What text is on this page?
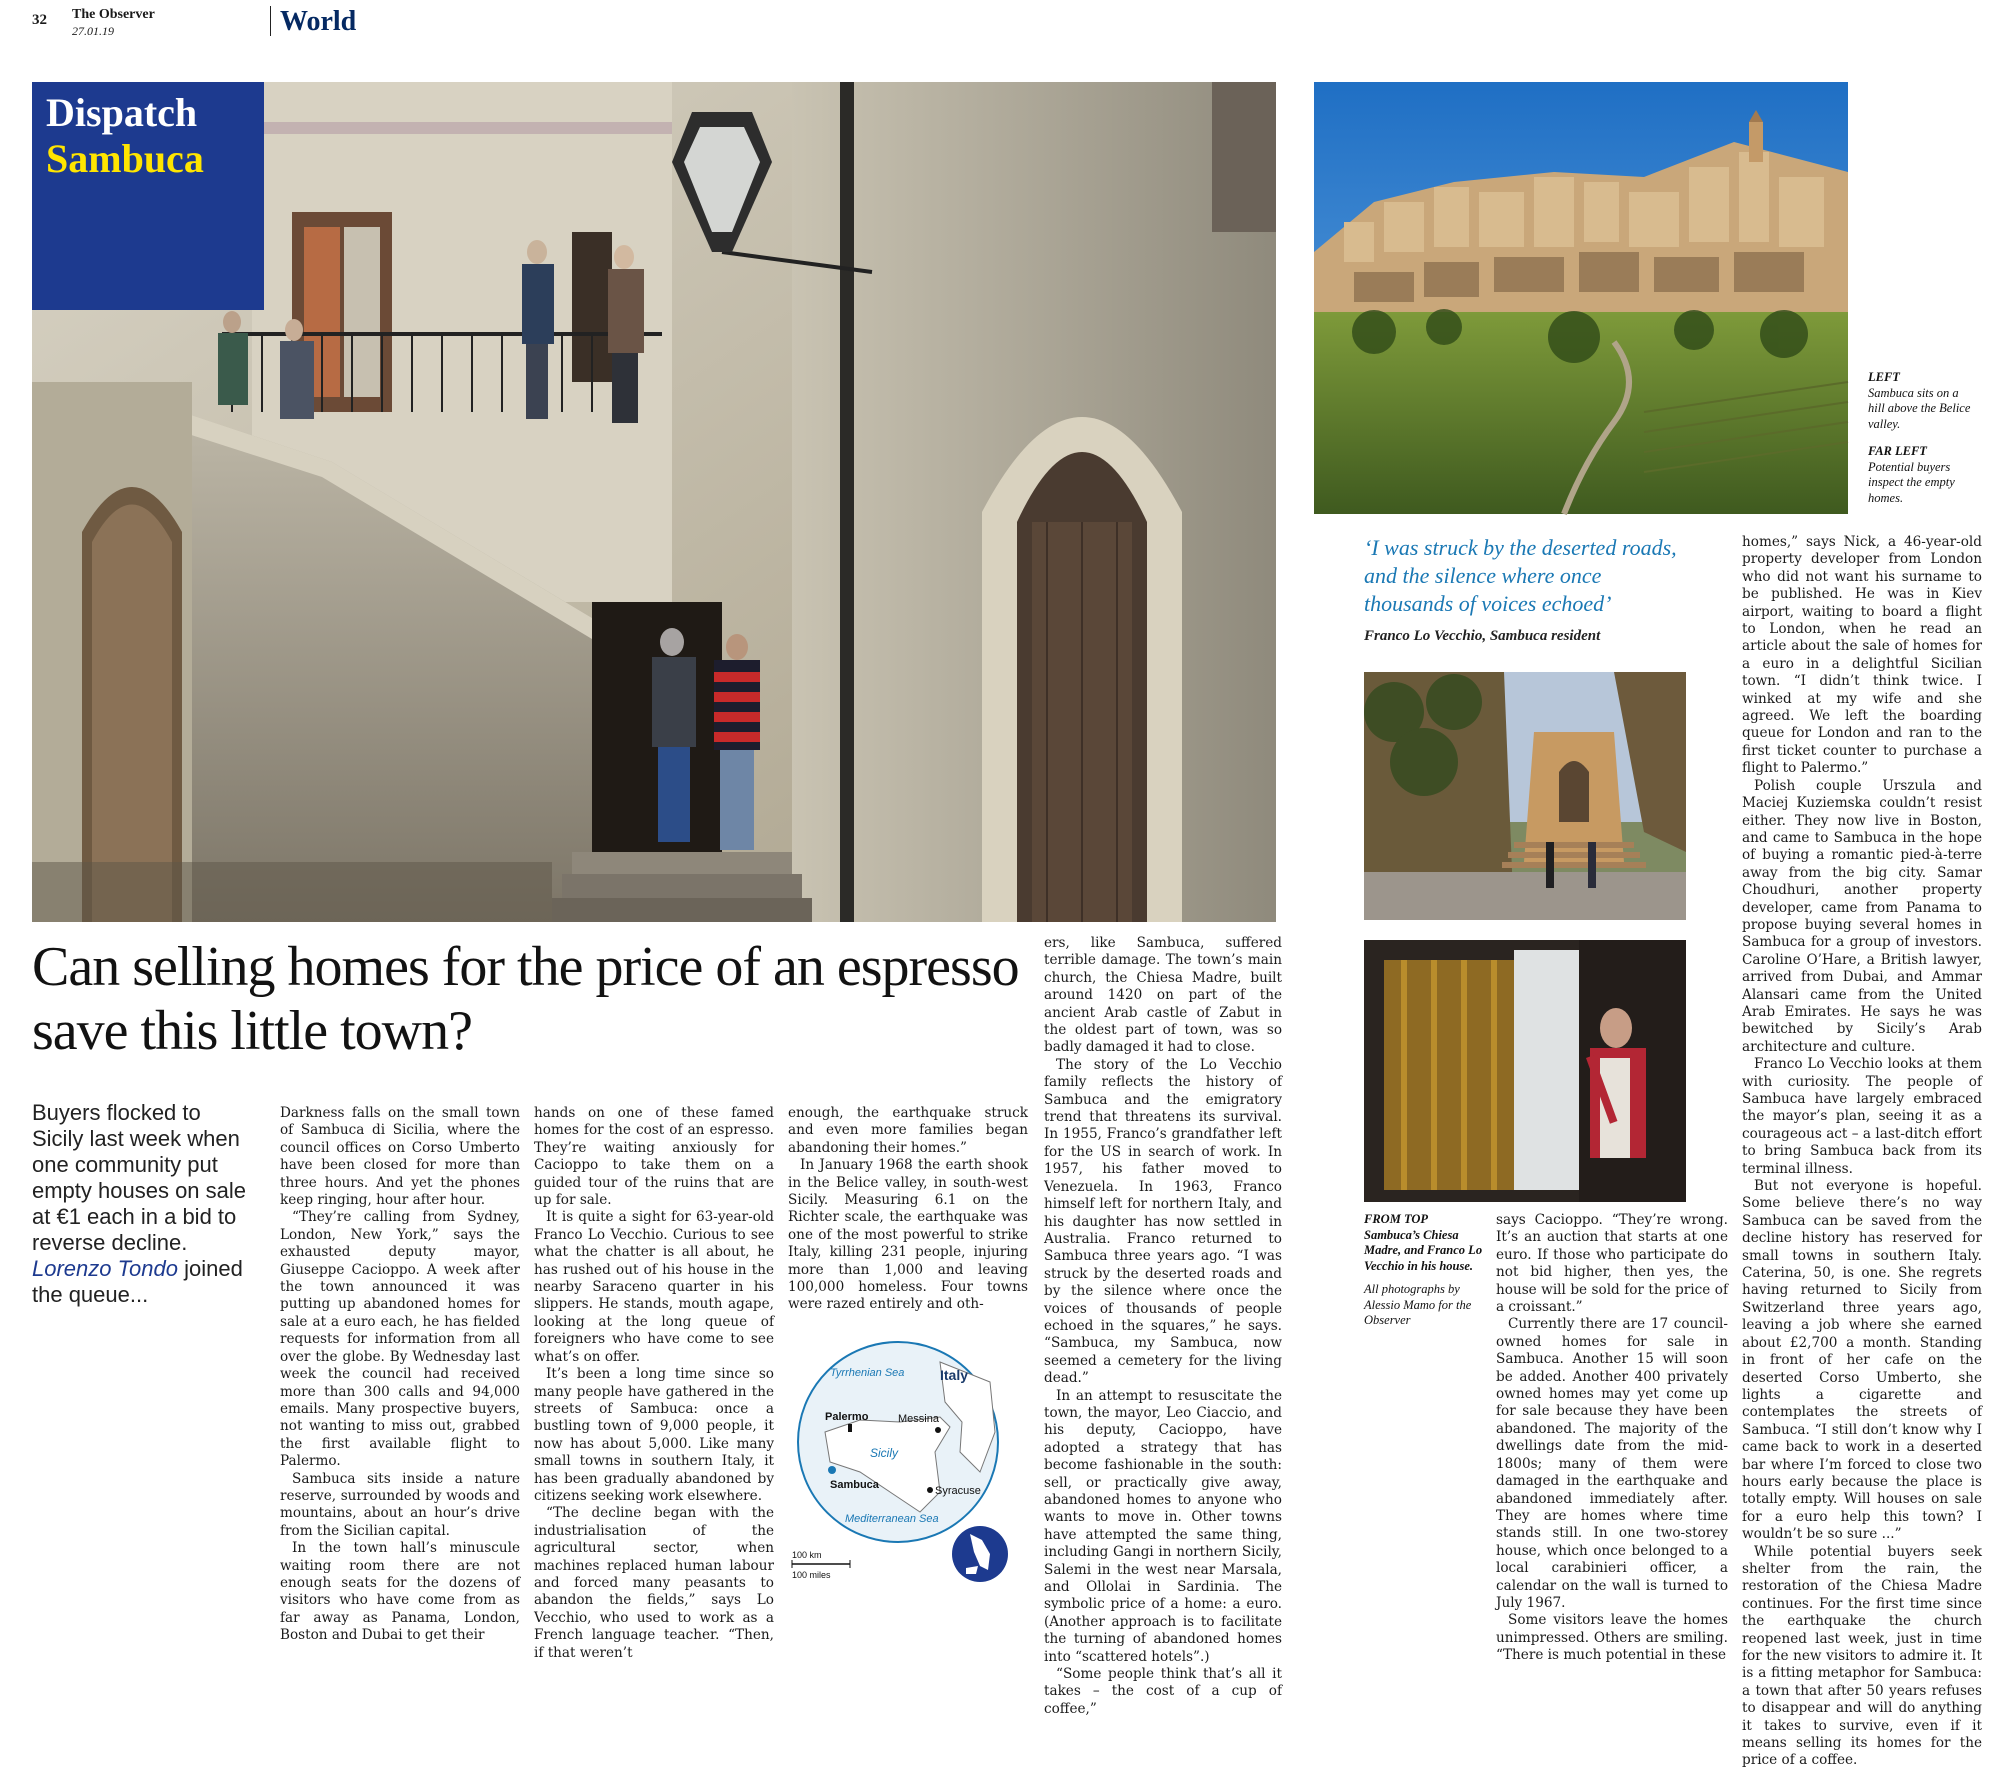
32 The Observer
27.01.19	World
Dispatch
Sambuca
LEFT
Sambuca sits on a hill above the Belice valley.
FAR LEFT
Potential buyers inspect the empty homes.
‘I was struck by the deserted roads, and the silence where once thousands of voices echoed’
Franco Lo Vecchio, Sambuca resident
FROM TOP
Sambuca’s Chiesa Madre, and Franco Lo Vecchio in his house.
All photographs by Alessio Mamo for the Observer
Can selling homes for the price of an espresso save this little town?
Buyers flocked to Sicily last week when one community put empty houses on sale at €1 each in a bid to reverse decline. Lorenzo Tondo joined the queue...

Darkness falls on the small town of Sambuca di Sicilia, where the council offices on Corso Umberto have been closed for more than three hours. And yet the phones keep ringing, hour after hour.

“They’re calling from Sydney, London, New York,” says the exhausted deputy mayor, Giuseppe Cacioppo. A week after the town announced it was putting up abandoned homes for sale at a euro each, he has fielded requests for information from all over the globe. By Wednesday last week the council had received more than 300 calls and 94,000 emails. Many prospective buyers, not wanting to miss out, grabbed the first available flight to Palermo.

Sambuca sits inside a nature reserve, surrounded by woods and mountains, about an hour’s drive from the Sicilian capital.

In the town hall’s minuscule waiting room there are not enough seats for the dozens of visitors who have come from as far away as Panama, London, Boston and Dubai to get their

hands on one of these famed homes for the cost of an espresso. They’re waiting anxiously for Cacioppo to take them on a guided tour of the ruins that are up for sale.

It is quite a sight for 63-year-old Franco Lo Vecchio. Curious to see what the chatter is all about, he has rushed out of his house in the nearby Saraceno quarter in his slippers. He stands, mouth agape, looking at the long queue of foreigners who have come to see what’s on offer.

It’s been a long time since so many people have gathered in the streets of Sambuca: once a bustling town of 9,000 people, it now has about 5,000. Like many small towns in southern Italy, it has been gradually abandoned by citizens seeking work elsewhere.

“The decline began with the industrialisation of the agricultural sector, when machines replaced human labour and forced many peasants to abandon the fields,” says Lo Vecchio, who used to work as a French language teacher. “Then, if that weren’t

enough, the earthquake struck and even more families began abandoning their homes.”

In January 1968 the earth shook in the Belice valley, in south-west Sicily. Measuring 6.1 on the Richter scale, the earthquake was one of the most powerful to strike Italy, killing 231 people, injuring more than 1,000 and leaving 100,000 homeless. Four towns were razed entirely and oth-

ers, like Sambuca, suffered terrible damage. The town’s main church, the Chiesa Madre, built around 1420 on part of the ancient Arab castle of Zabut in the oldest part of town, was so badly damaged it had to close.

The story of the Lo Vecchio family reflects the history of Sambuca and the emigratory trend that threatens its survival. In 1955, Franco’s grandfather left for the US in search of work. In 1957, his father moved to Venezuela. In 1963, Franco himself left for northern Italy, and his daughter has now settled in Australia. Franco returned to Sambuca three years ago. “I was struck by the deserted roads and by the silence where once the voices of thousands of people echoed in the squares,” he says. “Sambuca, my Sambuca, now seemed a cemetery for the living dead.”

In an attempt to resuscitate the town, the mayor, Leo Ciaccio, and his deputy, Cacioppo, have adopted a strategy that has become fashionable in the south: sell, or practically give away, abandoned homes to anyone who wants to move in. Other towns have attempted the same thing, including Gangi in northern Sicily, Salemi in the west near Marsala, and Ollolai in Sardinia. The symbolic price of a home: a euro. (Another approach is to facilitate the turning of abandoned homes into “scattered hotels”.)

“Some people think that’s all it takes – the cost of a cup of coffee,”

says Cacioppo. “They’re wrong. It’s an auction that starts at one euro. If those who participate do not bid higher, then yes, the house will be sold for the price of a croissant.”

Currently there are 17 council-owned homes for sale in Sambuca. Another 15 will soon be added. Another 400 privately owned homes may yet come up for sale because they have been abandoned. The majority of the dwellings date from the mid-1800s; many of them were damaged in the earthquake and abandoned immediately after. They are homes where time stands still. In one two-storey house, which once belonged to a local carabinieri officer, a calendar on the wall is turned to July 1967.

Some visitors leave the homes unimpressed. Others are smiling. “There is much potential in these

homes,” says Nick, a 46-year-old property developer from London who did not want his surname to be published. He was in Kiev airport, waiting to board a flight to London, when he read an article about the sale of homes for a euro in a delightful Sicilian town. “I didn’t think twice. I winked at my wife and she agreed. We left the boarding queue for London and ran to the first ticket counter to purchase a flight to Palermo.”

Polish couple Urszula and Maciej Kuziemska couldn’t resist either. They now live in Boston, and came to Sambuca in the hope of buying a romantic pied-à-terre away from the big city. Samar Choudhuri, another property developer, came from Panama to propose buying several homes in Sambuca for a group of investors. Caroline O’Hare, a British lawyer, arrived from Dubai, and Ammar Alansari came from the United Arab Emirates. He says he was bewitched by Sicily’s Arab architecture and culture.

Franco Lo Vecchio looks at them with curiosity. The people of Sambuca have largely embraced the mayor’s plan, seeing it as a courageous act – a last-ditch effort to bring Sambuca back from its terminal illness.

But not everyone is hopeful. Some believe there’s no way Sambuca can be saved from the decline history has reserved for small towns in southern Italy. Caterina, 50, is one. She regrets having returned to Sicily from Switzerland three years ago, leaving a job where she earned about £2,700 a month. Standing in front of her cafe on the deserted Corso Umberto, she lights a cigarette and contemplates the streets of Sambuca. “I still don’t know why I came back to work in a deserted bar where I’m forced to close two hours early because the place is totally empty. Will houses on sale for a euro help this town? I wouldn’t be so sure ...”

While potential buyers seek shelter from the rain, the restoration of the Chiesa Madre continues. For the first time since the earthquake the church reopened last week, just in time for the new visitors to admire it. It is a fitting metaphor for Sambuca: a town that after 50 years refuses to disappear and will do anything it takes to survive, even if it means selling its homes for the price of a coffee.

Tyrrhenian Sea	Italy
Palermo	Messina
Sicily
Sambuca	Syracuse
Mediterranean Sea
100 km
100 miles
